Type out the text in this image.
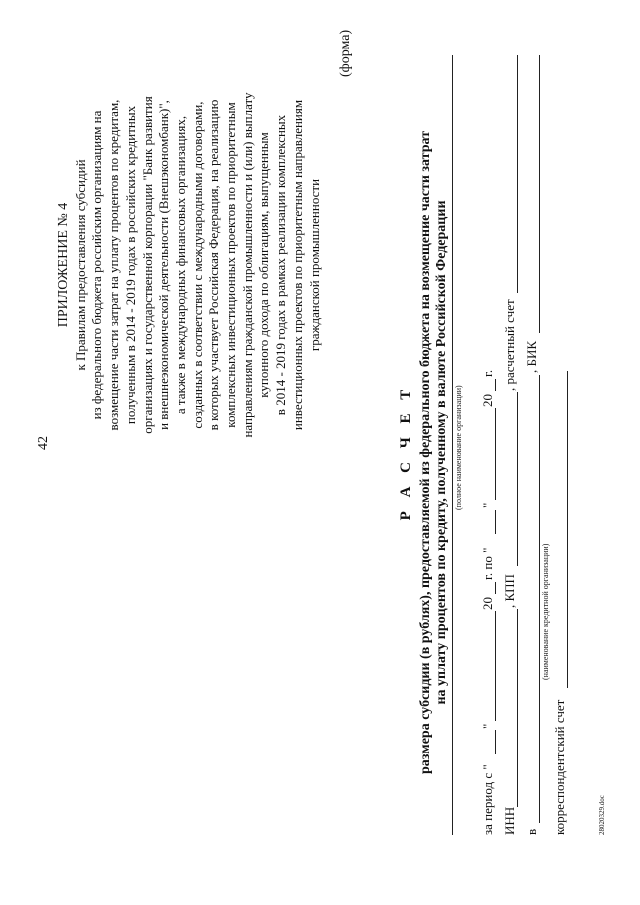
42
ПРИЛОЖЕНИЕ № 4 к Правилам предоставления субсидий из федерального бюджета российским организациям на возмещение части затрат на уплату процентов по кредитам, полученным в 2014 - 2019 годах в российских кредитных организациях и государственной корпорации "Банк развития и внешнеэкономической деятельности (Внешэкономбанк)", а также в международных финансовых организациях, созданных в соответствии с международными договорами, в которых участвует Российская Федерация, на реализацию комплексных инвестиционных проектов по приоритетным направлениям гражданской промышленности и (или) выплату купонного дохода по облигациям, выпущенным в 2014 - 2019 годах в рамках реализации комплексных инвестиционных проектов по приоритетным направлениям гражданской промышленности
(форма)
Р А С Ч Е Т размера субсидии (в рублях), предоставляемой из федерального бюджета на возмещение части затрат на уплату процентов по кредиту, полученному в валюте Российской Федерации (полное наименование организации)
за период с "
"
20
г. по "
"
20
г.
ИНН
, КПП
, расчетный счет
в
, БИК
(наименование кредитной организации)
корреспондентский счет	28020329.doc
